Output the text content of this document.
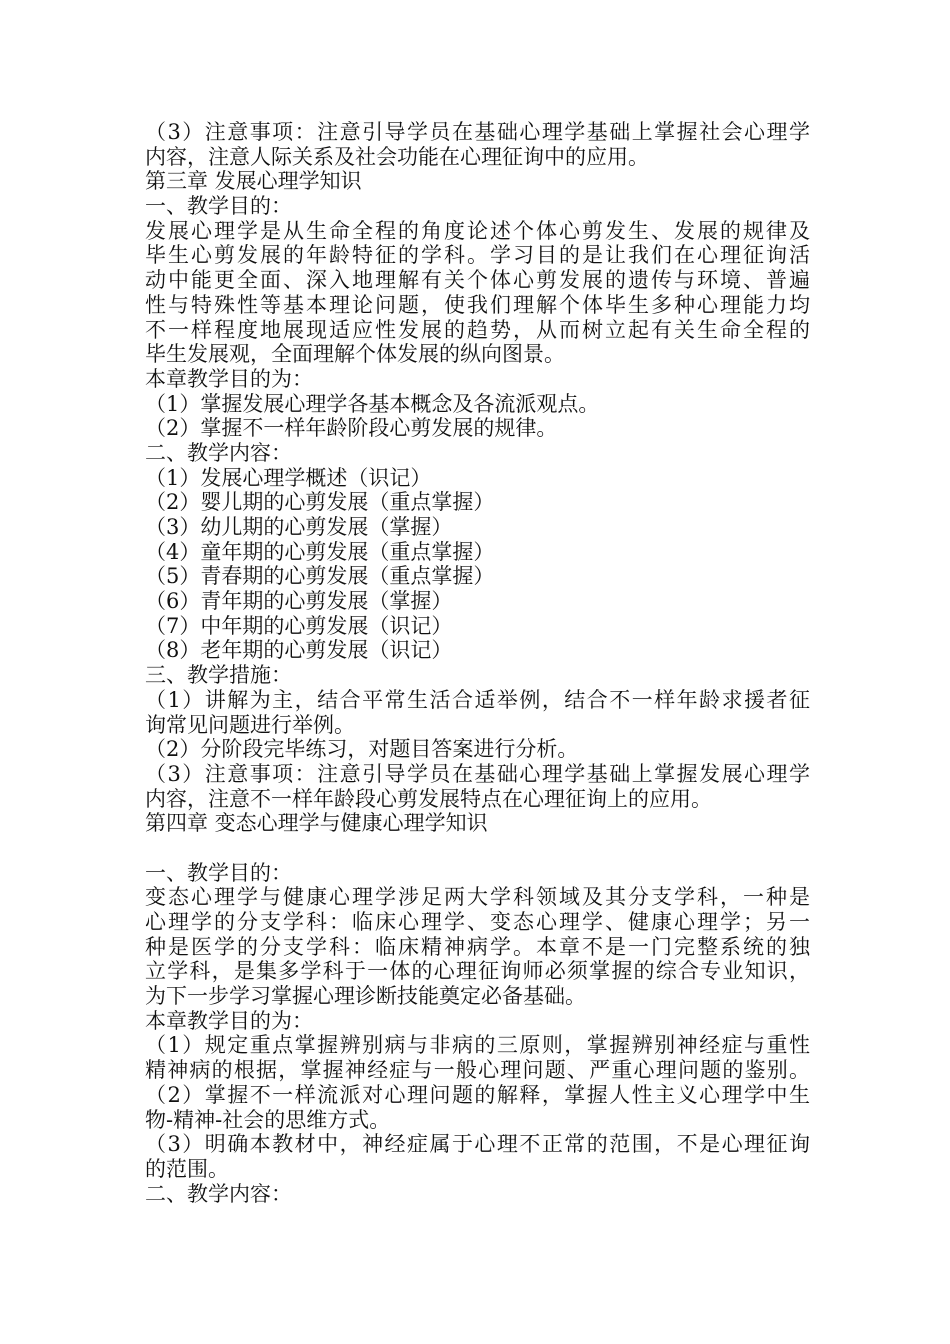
（3）注意事项：注意引导学员在基础心理学基础上掌握社会心理学
内容，注意人际关系及社会功能在心理征询中的应用。
第三章 发展心理学知识
一、教学目的：
发展心理学是从生命全程的角度论述个体心剪发生、发展的规律及
毕生心剪发展的年龄特征的学科。学习目的是让我们在心理征询活
动中能更全面、深入地理解有关个体心剪发展的遗传与环境、普遍
性与特殊性等基本理论问题，使我们理解个体毕生多种心理能力均
不一样程度地展现适应性发展的趋势，从而树立起有关生命全程的
毕生发展观，全面理解个体发展的纵向图景。
本章教学目的为：
（1）掌握发展心理学各基本概念及各流派观点。
（2）掌握不一样年龄阶段心剪发展的规律。
二、教学内容：
（1）发展心理学概述（识记）
（2）婴儿期的心剪发展（重点掌握）
（3）幼儿期的心剪发展（掌握）
（4）童年期的心剪发展（重点掌握）
（5）青春期的心剪发展（重点掌握）
（6）青年期的心剪发展（掌握）
（7）中年期的心剪发展（识记）
（8）老年期的心剪发展（识记）
三、教学措施：
（1）讲解为主，结合平常生活合适举例，结合不一样年龄求援者征
询常见问题进行举例。
（2）分阶段完毕练习，对题目答案进行分析。
（3）注意事项：注意引导学员在基础心理学基础上掌握发展心理学
内容，注意不一样年龄段心剪发展特点在心理征询上的应用。
第四章 变态心理学与健康心理学知识
一、教学目的：
变态心理学与健康心理学涉足两大学科领域及其分支学科，一种是
心理学的分支学科：临床心理学、变态心理学、健康心理学；另一
种是医学的分支学科：临床精神病学。本章不是一门完整系统的独
立学科，是集多学科于一体的心理征询师必须掌握的综合专业知识，
为下一步学习掌握心理诊断技能奠定必备基础。
本章教学目的为：
（1）规定重点掌握辨别病与非病的三原则，掌握辨别神经症与重性
精神病的根据，掌握神经症与一般心理问题、严重心理问题的鉴别。
（2）掌握不一样流派对心理问题的解释，掌握人性主义心理学中生
物-精神-社会的思维方式。
（3）明确本教材中，神经症属于心理不正常的范围，不是心理征询
的范围。
二、教学内容：
